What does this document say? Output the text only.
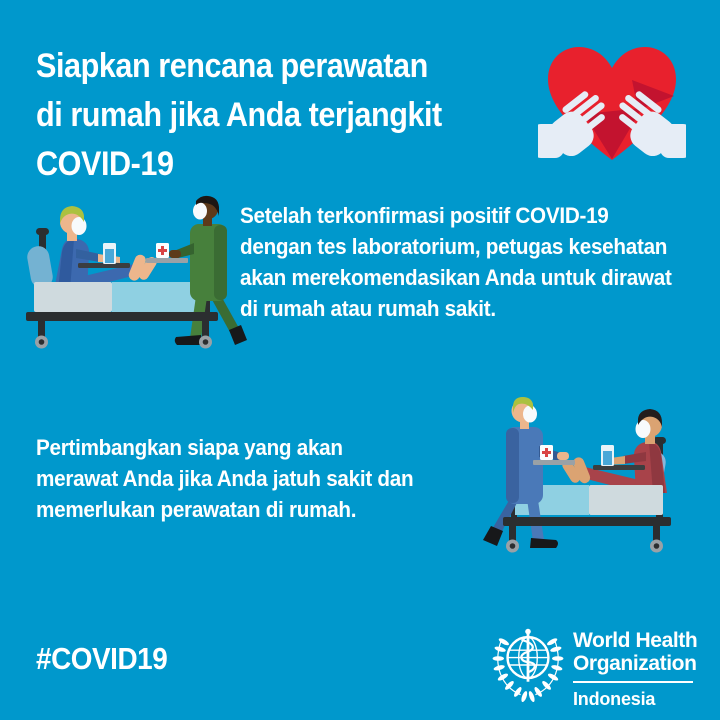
Siapkan rencana perawatan
di rumah jika Anda terjangkit
COVID-19
Setelah terkonfirmasi positif COVID-19
dengan tes laboratorium, petugas kesehatan
akan merekomendasikan Anda untuk dirawat
di rumah atau rumah sakit.
Pertimbangkan siapa yang akan
merawat Anda jika Anda jatuh sakit dan
memerlukan perawatan di rumah.
#COVID19
World Health
Organization
Indonesia
